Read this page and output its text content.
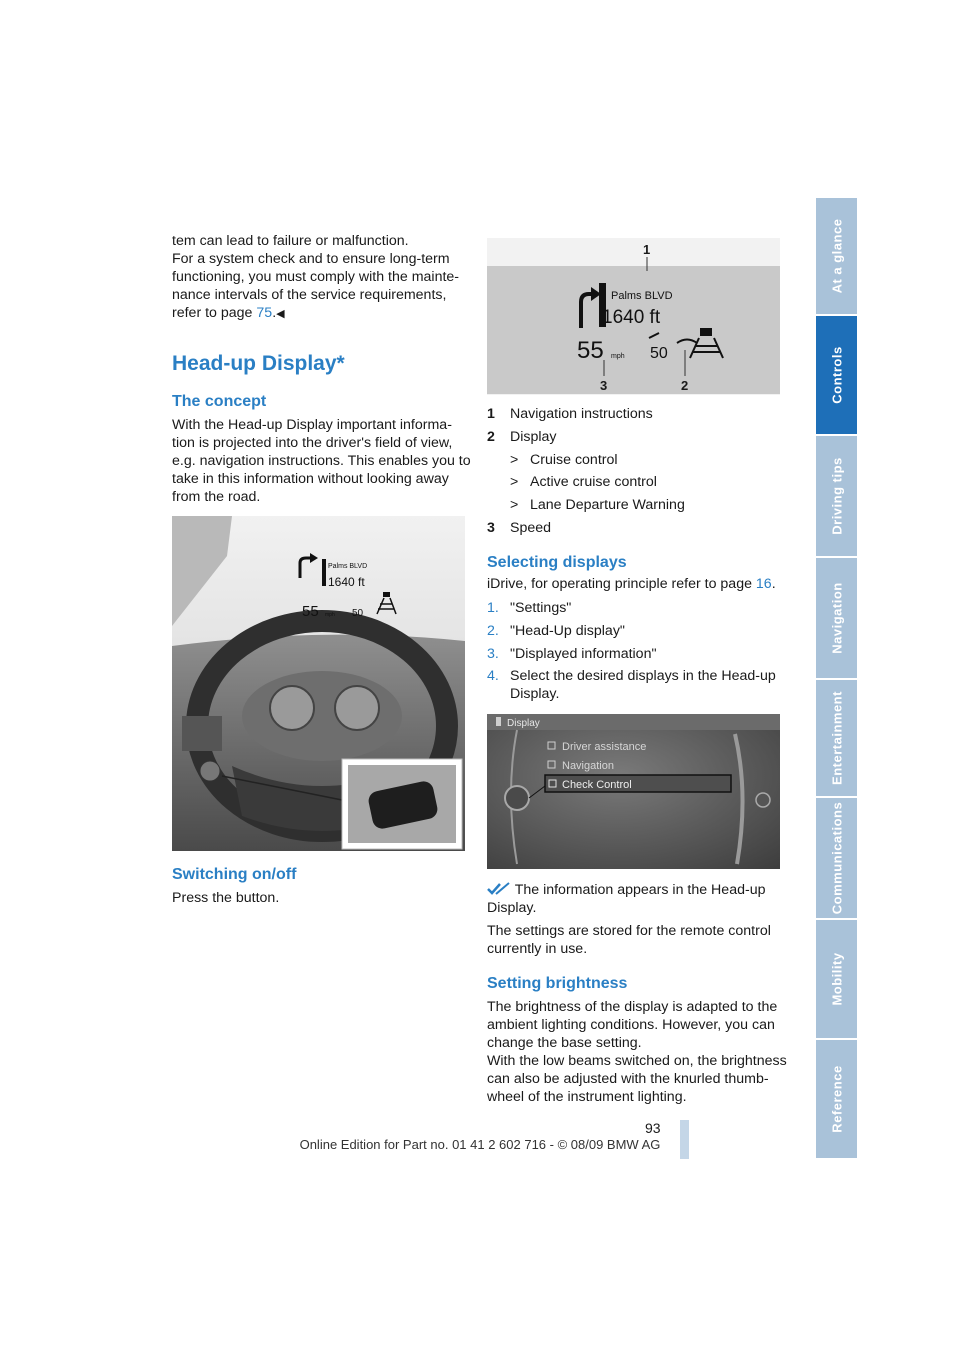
tem can lead to failure or malfunction.
For a system check and to ensure long-term
functioning, you must comply with the mainte-
nance intervals of the service requirements,
refer to page 75.◀
Head-up Display*
The concept
With the Head-up Display important informa-
tion is projected into the driver's field of view,
e.g. navigation instructions. This enables you to
take in this information without looking away
from the road.
Palms BLVD
1640 ft
55 mph 50
Switching on/off
Press the button.
1
3	2
Palms BLVD
1640 ft
55 mph 50
1 Navigation instructions
2 Display
> Cruise control
> Active cruise control
> Lane Departure Warning
3 Speed
Selecting displays
iDrive, for operating principle refer to page 16.
1. "Settings"
2. "Head-Up display"
3. "Displayed information"
4. Select the desired displays in the Head-up
Display.
Display
Driver assistance
Navigation
Check Control
The information appears in the Head-up
Display.
The settings are stored for the remote control
currently in use.
Setting brightness
The brightness of the display is adapted to the
ambient lighting conditions. However, you can
change the base setting.
With the low beams switched on, the brightness
can also be adjusted with the knurled thumb-
wheel of the instrument lighting.
93
Online Edition for Part no. 01 41 2 602 716 - © 08/09 BMW AG
At a glance
Controls
Driving tips
Navigation
Entertainment
Communications
Mobility
Reference
